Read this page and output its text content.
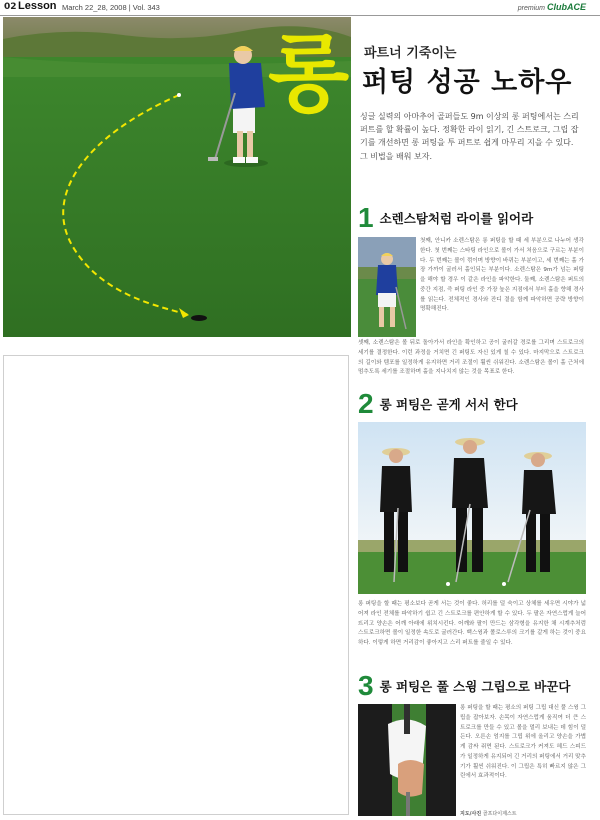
02 Lesson March 22_28, 2008 | Vol. 343	premium ClubACE
롱 파트너 기죽이는
퍼팅 성공 노하우

싱글 실력의 아마추어 골퍼들도 9m 이상의 롱 퍼팅에서는 스리 퍼트를 할 확률이 높다. 정확한 라이 읽기, 긴 스트로크, 그립 잡기를 개선하면 롱 퍼팅을 투 퍼트로 쉽게 마무리 지을 수 있다. 그 비법을 배워 보자.

1 소렌스탐처럼 라이를 읽어라

첫째, 안니카 소렌스탐은 롱 퍼팅을 할 때 세 부분으로 나누어 생각한다. 첫 번째는 스타팅 라인으로 볼이 가서 처음으로 구르는 부분이다. 두 번째는 볼이 꺾이며 방향이 바뀌는 부분이고, 세 번째는 홀 가장 가까이 굴러서 홀인되는 부분이다. 소렌스탐은 9m가 넘는 퍼팅을 해야 할 경우 이 같은 라인을 파악한다. 둘째, 소렌스탐은 퍼트의 중간 지점, 즉 퍼팅 라인 중 가장 높은 지점에서 부터 홀을 향해 경사를 읽는다. 전체적인 경사와 잔디 결을 함께 파악하면 공략 방향이 명확해진다.

셋째, 소렌스탐은 볼 뒤로 돌아가서 라인을 확인하고 공이 굴러갈 경로를 그리며 스트로크의 세기를 결정한다. 이런 과정을 거치면 긴 퍼팅도 자신 있게 칠 수 있다. 마지막으로 스트로크의 길이와 템포를 일정하게 유지하면 거리 조절이 훨씬 쉬워진다. 소렌스탐은 볼이 홀 근처에 멈추도록 세기를 조절하며 홀을 지나치지 않는 것을 목표로 한다.

2 롱 퍼팅은 곧게 서서 한다

롱 퍼팅을 할 때는 평소보다 곧게 서는 것이 좋다. 허리를 덜 숙이고 상체를 세우면 시야가 넓어져 라인 전체를 파악하기 쉽고 긴 스트로크를 편안하게 할 수 있다. 두 팔은 자연스럽게 늘어뜨리고 양손은 어깨 아래에 위치시킨다. 어깨와 팔이 만드는 삼각형을 유지한 채 시계추처럼 스트로크하면 볼이 일정한 속도로 굴러간다. 백스윙과 폴로스루의 크기를 같게 하는 것이 중요하다. 이렇게 하면 거리감이 좋아지고 스리 퍼트를 줄일 수 있다.

3 롱 퍼팅은 풀 스윙 그립으로 바꾼다

롱 퍼팅을 할 때는 평소의 퍼팅 그립 대신 풀 스윙 그립을 잡아보자. 손목이 자연스럽게 움직여 더 큰 스트로크를 만들 수 있고 볼을 멀리 보내는 데 힘이 덜 든다. 오른손 엄지를 그립 위에 올리고 양손을 가볍게 감싸 쥐면 된다. 스트로크가 커져도 헤드 스피드가 일정하게 유지되어 긴 거리의 퍼팅에서 거리 맞추기가 훨씬 쉬워진다. 이 그립은 특히 빠르지 않은 그린에서 효과적이다.

지도/사진 골프다이제스트
